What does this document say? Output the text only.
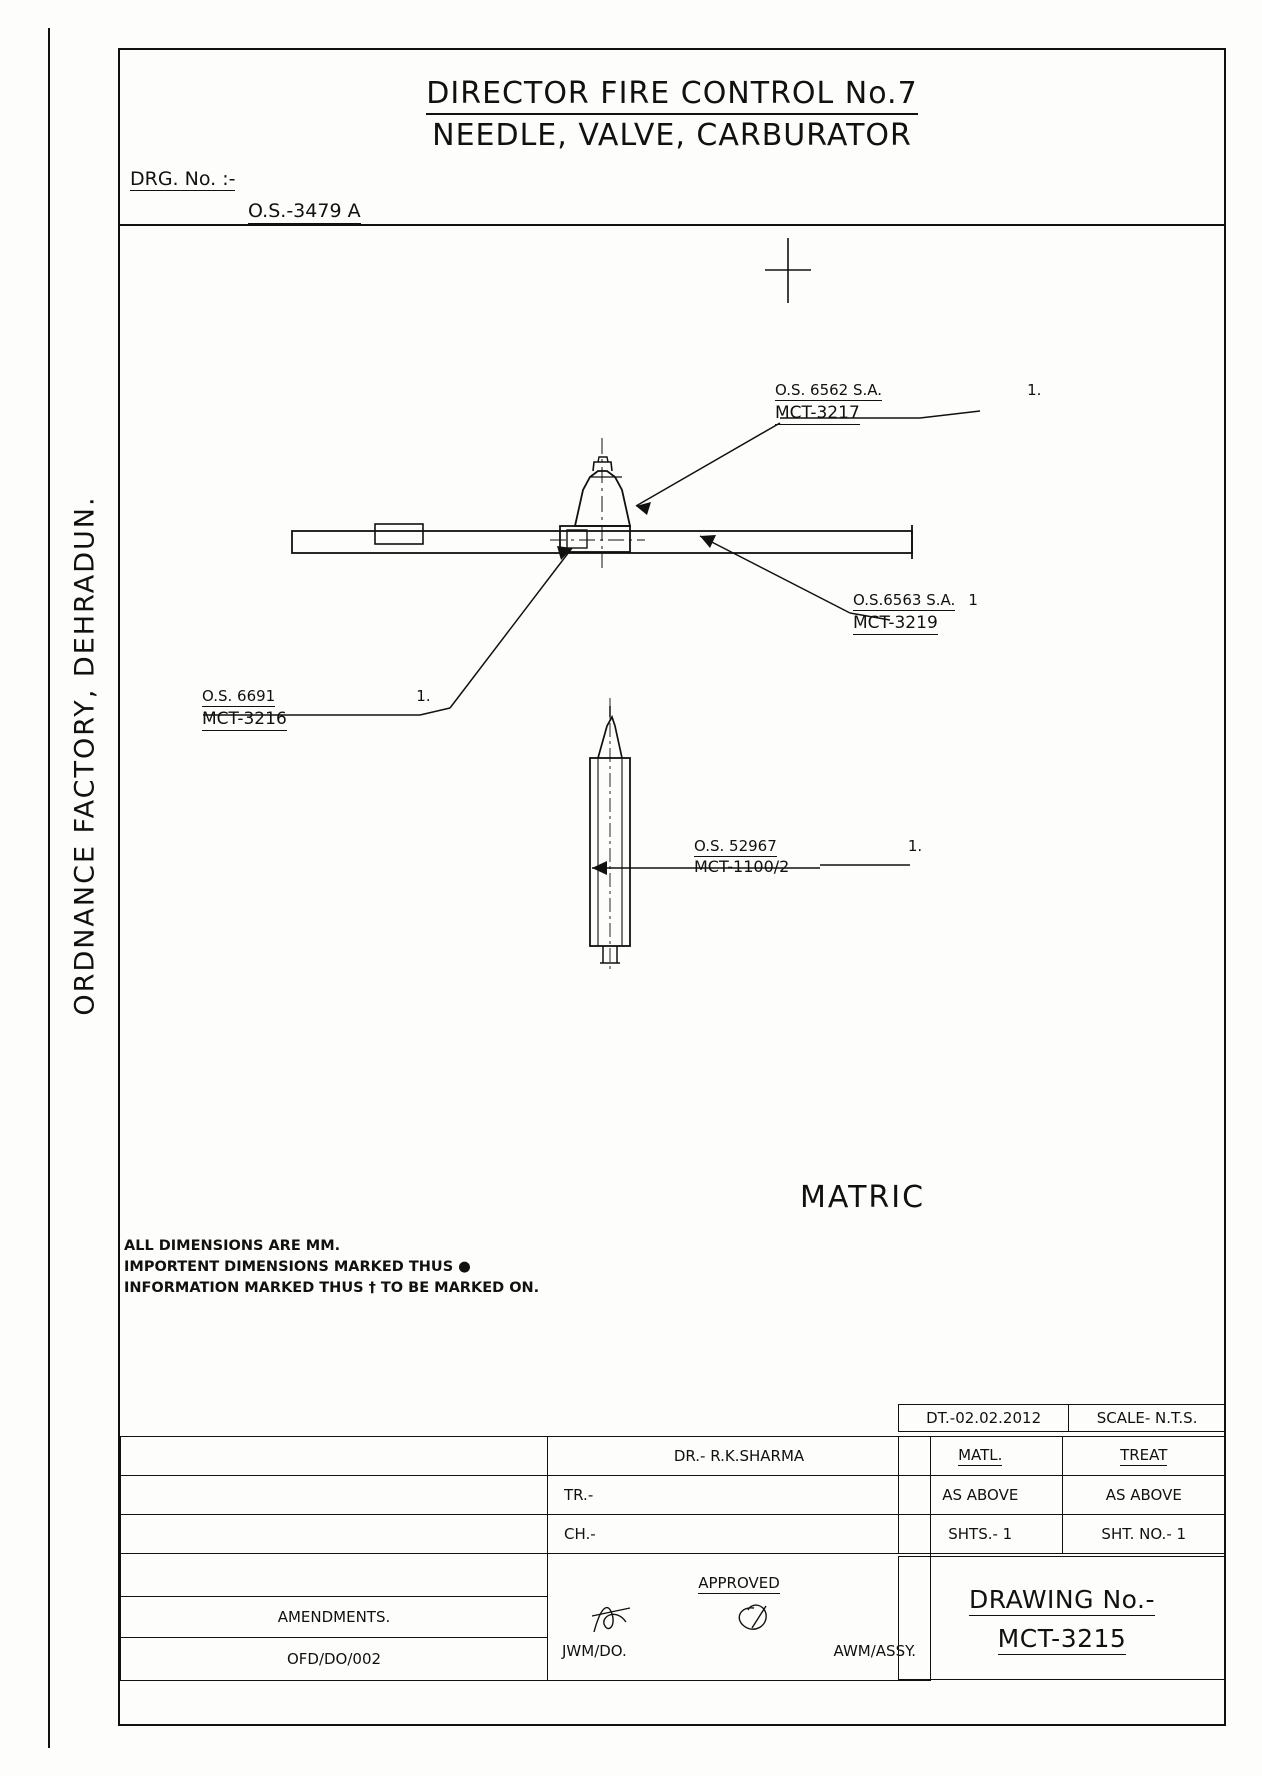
ORDNANCE FACTORY, DEHRADUN.
DIRECTOR FIRE CONTROL No.7
NEEDLE, VALVE, CARBURATOR
DRG. No. :-
O.S.-3479 A
O.S. 6562 S.A.	1.
MCT-3217
O.S.6563 S.A. 1
MCT-3219
O.S. 6691	1.
MCT-3216
O.S. 52967	1.
MCT-1100/2
MATRIC
ALL DIMENSIONS ARE MM.
IMPORTENT DIMENSIONS MARKED THUS ●
INFORMATION MARKED THUS † TO BE MARKED ON.
DT.-02.02.2012	SCALE- N.T.S.
MATL.	TREAT
AS ABOVE	AS ABOVE
SHTS.- 1	SHT. NO.- 1
DRAWING No.-
MCT-3215
	DR.- R.K.SHARMA
	TR.-
	CH.-

	APPROVED
JWM/DO. AWM/ASSY.

AMENDMENTS.	
OFD/DO/002	
